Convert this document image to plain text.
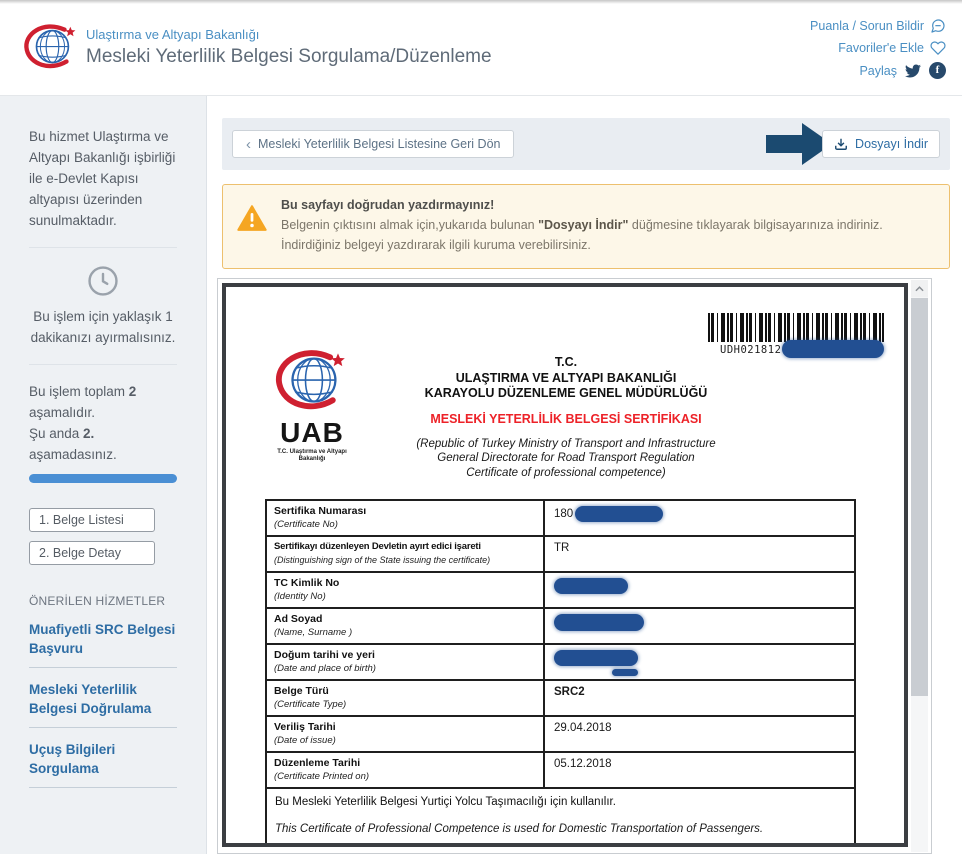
Ulaştırma ve Altyapı Bakanlığı

Mesleki Yeterlilik Belgesi Sorgulama/Düzenleme

Puanla / Sorun Bildir
Favoriler'e Ekle
Paylaş	f

Bu hizmet Ulaştırma ve Altyapı Bakanlığı işbirliği ile e-Devlet Kapısı altyapısı üzerinden sunulmaktadır.

Bu işlem için yaklaşık 1 dakikanızı ayırmalısınız.

Bu işlem toplam 2 aşamalıdır.
Şu anda 2. aşamadasınız.

1. Belge Listesi
2. Belge Detay
ÖNERİLEN HİZMETLER
Muafiyetli SRC Belgesi Başvuru
Mesleki Yeterlilik Belgesi Doğrulama
Uçuş Bilgileri Sorgulama
‹ Mesleki Yeterlilik Belgesi Listesine Geri Dön	Dosyayı İndir

Bu sayfayı doğrudan yazdırmayınız!

Belgenin çıktısını almak için,yukarıda bulunan "Dosyayı İndir" düğmesine tıklayarak bilgisayarınıza indiriniz. İndirdiğiniz belgeyi yazdırarak ilgili kuruma verebilirsiniz.

UDH021812
UAB
T.C. Ulaştırma ve Altyapı
Bakanlığı
T.C.
ULAŞTIRMA VE ALTYAPI BAKANLIĞI
KARAYOLU DÜZENLEME GENEL MÜDÜRLÜĞÜ
MESLEKİ YETERLİLİK BELGESİ SERTİFİKASI
(Republic of Turkey Ministry of Transport and Infrastructure
General Directorate for Road Transport Regulation
Certificate of professional competence)
Sertifika Numarası
(Certificate No)	180

Sertifikayı düzenleyen Devletin ayırt edici işareti
(Distinguishing sign of the State issuing the certificate)	TR

TC Kimlik No
(Identity No)	

Ad Soyad
(Name, Surname )	

Doğum tarihi ve yeri
(Date and place of birth)	

Belge Türü
(Certificate Type)	SRC2

Veriliş Tarihi
(Date of issue)	29.04.2018

Düzenleme Tarihi
(Certificate Printed on)	05.12.2018

Bu Mesleki Yeterlilik Belgesi Yurtiçi Yolcu Taşımacılığı için kullanılır.

This Certificate of Professional Competence is used for Domestic Transportation of Passengers.	
